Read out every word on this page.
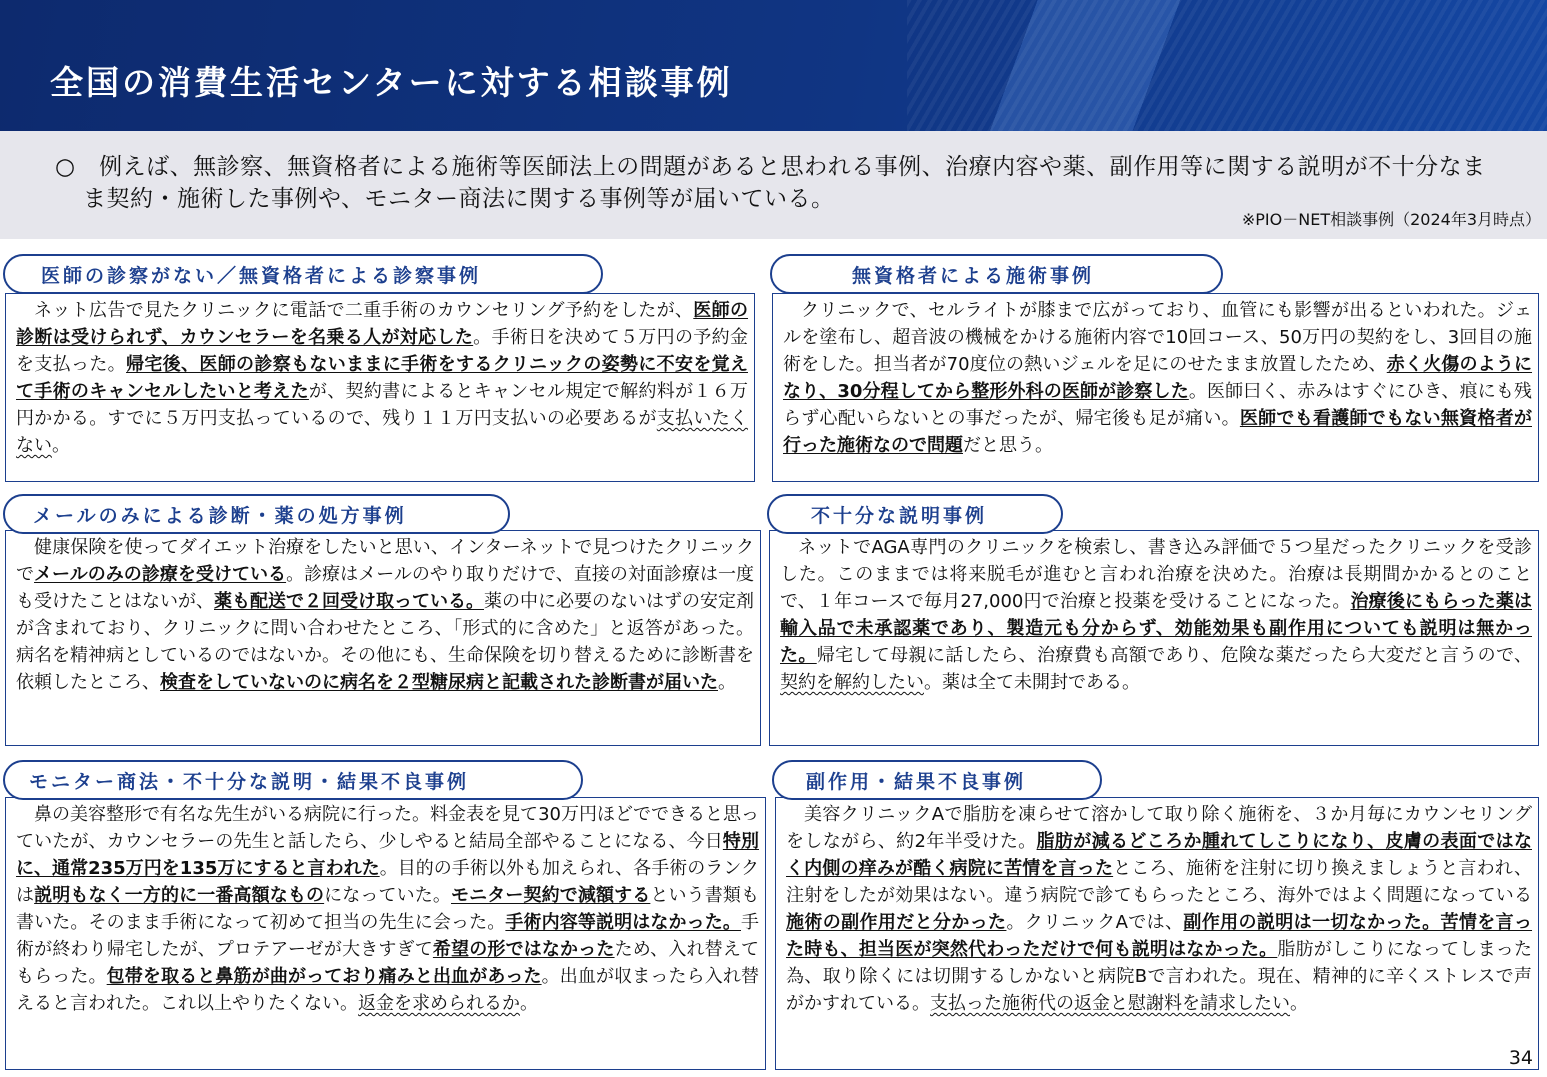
全国の消費生活センターに対する相談事例
○　例えば、無診察、無資格者による施術等医師法上の問題があると思われる事例、治療内容や薬、副作用等に関する説明が不十分なまま契約・施術した事例や、モニター商法に関する事例等が届いている。
※PIO－NET相談事例（2024年3月時点）
医師の診察がない／無資格者による診察事例

ネット広告で見たクリニックに電話で二重手術のカウンセリング予約をしたが、医師の診断は受けられず、カウンセラーを名乗る人が対応した。手術日を決めて５万円の予約金を支払った。帰宅後、医師の診察もないままに手術をするクリニックの姿勢に不安を覚えて手術のキャンセルしたいと考えたが、契約書によるとキャンセル規定で解約料が１６万円かかる。すでに５万円支払っているので、残り１１万円支払いの必要あるが支払いたくない。

無資格者による施術事例

クリニックで、セルライトが膝まで広がっており、血管にも影響が出るといわれた。ジェルを塗布し、超音波の機械をかける施術内容で10回コース、50万円の契約をし、3回目の施術をした。担当者が70度位の熱いジェルを足にのせたまま放置したため、赤く火傷のようになり、30分程してから整形外科の医師が診察した。医師曰く、赤みはすぐにひき、痕にも残らず心配いらないとの事だったが、帰宅後も足が痛い。医師でも看護師でもない無資格者が行った施術なので問題だと思う。

メールのみによる診断・薬の処方事例

健康保険を使ってダイエット治療をしたいと思い、インターネットで見つけたクリニックでメールのみの診療を受けている。診療はメールのやり取りだけで、直接の対面診療は一度も受けたことはないが、薬も配送で２回受け取っている。薬の中に必要のないはずの安定剤が含まれており、クリニックに問い合わせたところ、「形式的に含めた」と返答があった。病名を精神病としているのではないか。その他にも、生命保険を切り替えるために診断書を依頼したところ、検査をしていないのに病名を２型糖尿病と記載された診断書が届いた。

不十分な説明事例

ネットでAGA専門のクリニックを検索し、書き込み評価で５つ星だったクリニックを受診した。このままでは将来脱毛が進むと言われ治療を決めた。治療は長期間かかるとのことで、１年コースで毎月27,000円で治療と投薬を受けることになった。治療後にもらった薬は輸入品で未承認薬であり、製造元も分からず、効能効果も副作用についても説明は無かった。帰宅して母親に話したら、治療費も高額であり、危険な薬だったら大変だと言うので、契約を解約したい。薬は全て未開封である。

モニター商法・不十分な説明・結果不良事例

鼻の美容整形で有名な先生がいる病院に行った。料金表を見て30万円ほどでできると思っていたが、カウンセラーの先生と話したら、少しやると結局全部やることになる、今日特別に、通常235万円を135万にすると言われた。目的の手術以外も加えられ、各手術のランクは説明もなく一方的に一番高額なものになっていた。モニター契約で減額するという書類も書いた。そのまま手術になって初めて担当の先生に会った。手術内容等説明はなかった。手術が終わり帰宅したが、プロテアーゼが大きすぎて希望の形ではなかったため、入れ替えてもらった。包帯を取ると鼻筋が曲がっており痛みと出血があった。出血が収まったら入れ替えると言われた。これ以上やりたくない。返金を求められるか。

副作用・結果不良事例

美容クリニックAで脂肪を凍らせて溶かして取り除く施術を、３か月毎にカウンセリングをしながら、約2年半受けた。脂肪が減るどころか腫れてしこりになり、皮膚の表面ではなく内側の痒みが酷く病院に苦情を言ったところ、施術を注射に切り換えましょうと言われ、注射をしたが効果はない。違う病院で診てもらったところ、海外ではよく問題になっている施術の副作用だと分かった。クリニックAでは、副作用の説明は一切なかった。苦情を言った時も、担当医が突然代わっただけで何も説明はなかった。脂肪がしこりになってしまった為、取り除くには切開するしかないと病院Bで言われた。現在、精神的に辛くストレスで声がかすれている。支払った施術代の返金と慰謝料を請求したい。

34
